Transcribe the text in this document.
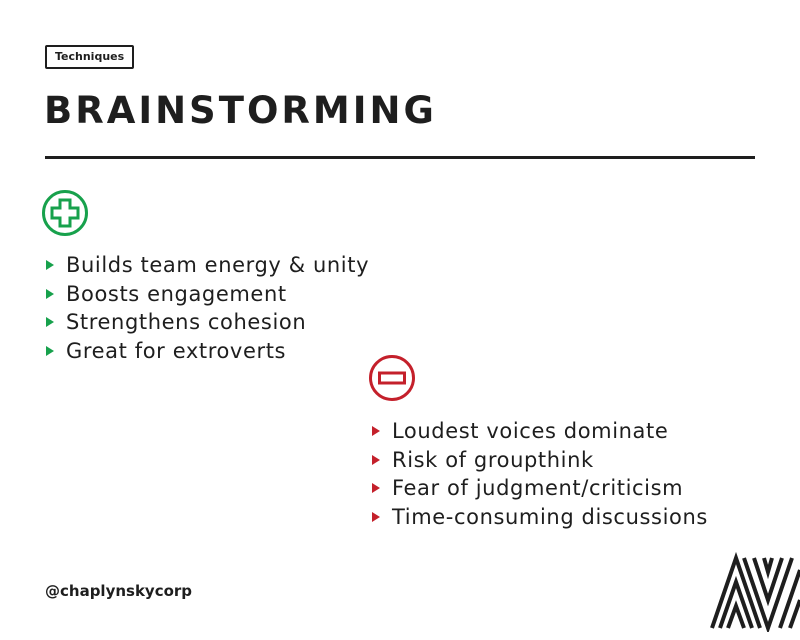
Techniques
BRAINSTORMING
Builds team energy & unity
Boosts engagement
Strengthens cohesion
Great for extroverts
Loudest voices dominate
Risk of groupthink
Fear of judgment/criticism
Time-consuming discussions
@chaplynskycorp
